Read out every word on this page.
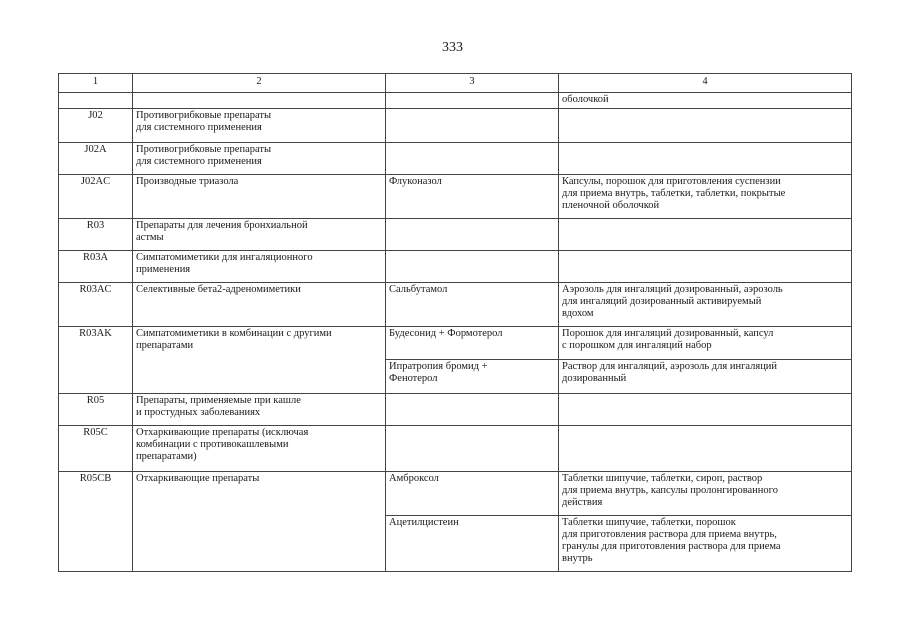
333
1	2	3	4

			оболочкой

J02	Противогрибковые препараты
для системного применения		

J02A	Противогрибковые препараты
для системного применения		

J02AC	Производные триазола	Флуконазол	Капсулы, порошок для приготовления суспензии
для приема внутрь, таблетки, таблетки, покрытые
пленочной оболочкой

R03	Препараты для лечения бронхиальной
астмы		

R03A	Симпатомиметики для ингаляционного
применения		

R03AC	Селективные бета2-адреномиметики	Сальбутамол	Аэрозоль для ингаляций дозированный, аэрозоль
для ингаляций дозированный активируемый
вдохом

R03AK	Симпатомиметики в комбинации с другими
препаратами	Будесонид + Формотерол	Порошок для ингаляций дозированный, капсул
с порошком для ингаляций набор

		Ипратропия бромид +
Фенотерол	Раствор для ингаляций, аэрозоль для ингаляций
дозированный

R05	Препараты, применяемые при кашле
и простудных заболеваниях		

R05C	Отхаркивающие препараты (исключая
комбинации с противокашлевыми
препаратами)		

R05CB	Отхаркивающие препараты	Амброксол	Таблетки шипучие, таблетки, сироп, раствор
для приема внутрь, капсулы пролонгированного
действия

		Ацетилцистеин	Таблетки шипучие, таблетки, порошок
для приготовления раствора для приема внутрь,
гранулы для приготовления раствора для приема
внутрь
